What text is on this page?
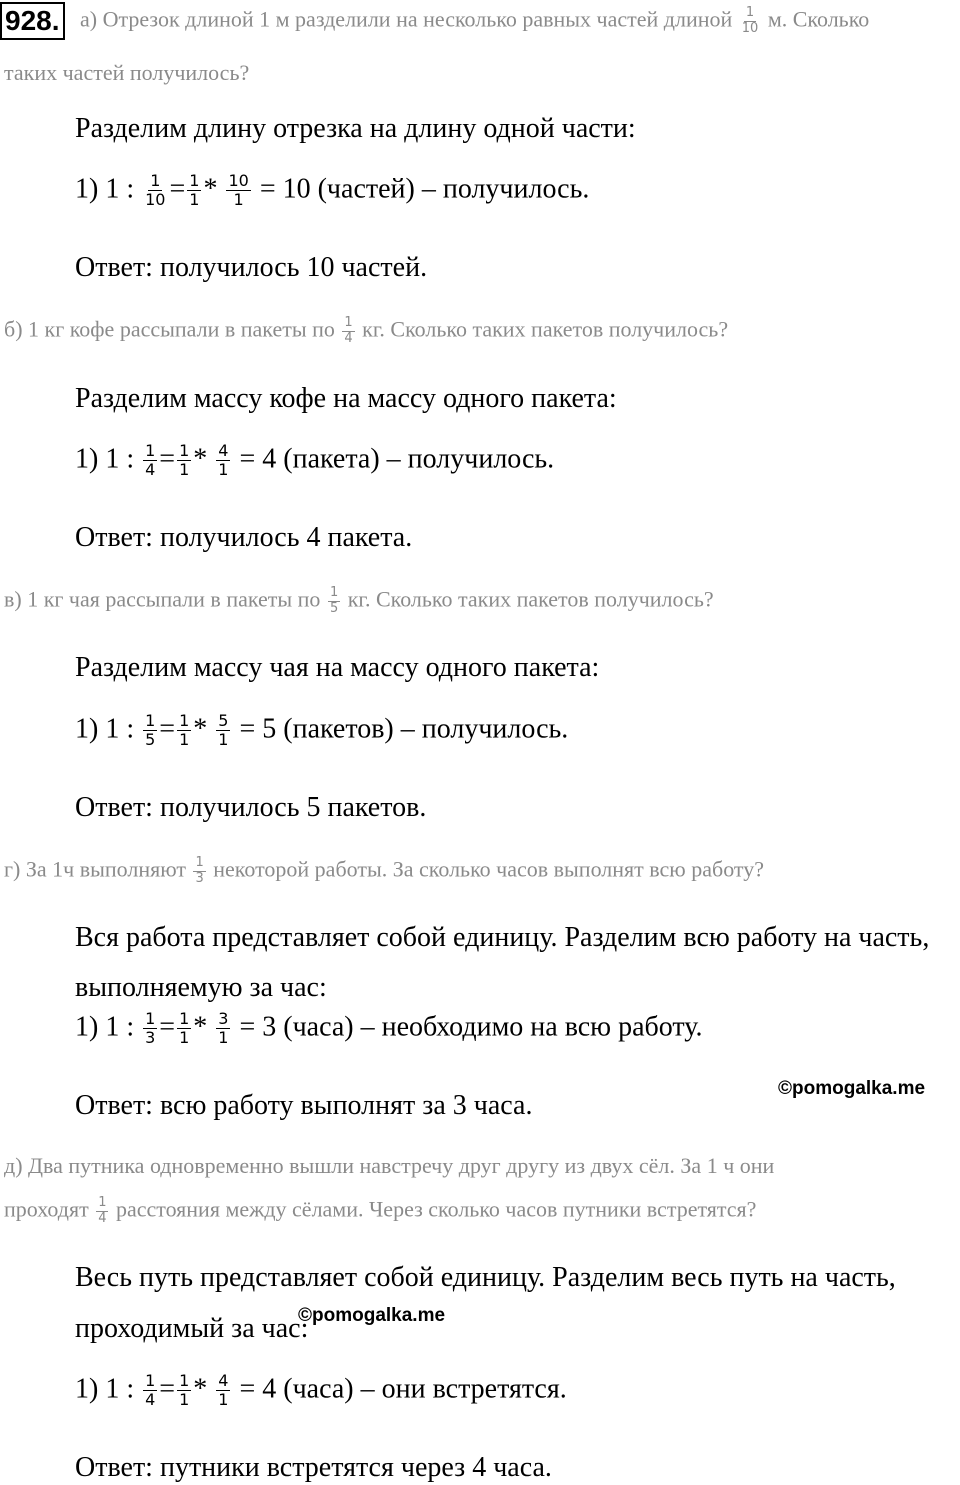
928. а) Отрезок длиной 1 м разделили на несколько равных частей длиной $\frac{1}{10} м$. Сколько
таких частей получилось?
Разделим длину отрезка на длину одной части:
1) 1 : $\frac{1}{10} = \frac{1}{1} * \frac{10}{1} = 10$ (частей) – получилось.
Ответ: получилось 10 частей.
б) 1 кг кофе рассыпали в пакеты по $\frac{1}{4}$ кг. Сколько таких пакетов получилось?
Разделим массу кофе на массу одного пакета:
1) 1 : $\frac{1}{4} = \frac{1}{1} * \frac{4}{1} = 4$ (пакета) – получилось.
Ответ: получилось 4 пакета.
в) 1 кг чая рассыпали в пакеты по $\frac{1}{5}$ кг. Сколько таких пакетов получилось?
Разделим массу чая на массу одного пакета:
1) 1 : $\frac{1}{5} = \frac{1}{1} * \frac{5}{1} = 5$ (пакетов) – получилось.
Ответ: получилось 5 пакетов.
г) За 1ч выполняют $\frac{1}{3}$ некоторой работы. За сколько часов выполнят всю работу?
Вся работа представляет собой единицу. Разделим всю работу на часть,
выполняемую за час:
1) 1 : $\frac{1}{3} = \frac{1}{1} * \frac{3}{1} = 3$ (часа) – необходимо на всю работу.
©pomogalka.me
Ответ: всю работу выполнят за 3 часа.
д) Два путника одновременно вышли навстречу друг другу из двух сёл. За 1 ч они
проходят $\frac{1}{4}$ расстояния между сёлами. Через сколько часов путники встретятся?
Весь путь представляет собой единицу. Разделим весь путь на часть,
проходимый за час:
©pomogalka.me
1) 1 : $\frac{1}{4} = \frac{1}{1} * \frac{4}{1} = 4$ (часа) – они встретятся.
Ответ: путники встретятся через 4 часа.
